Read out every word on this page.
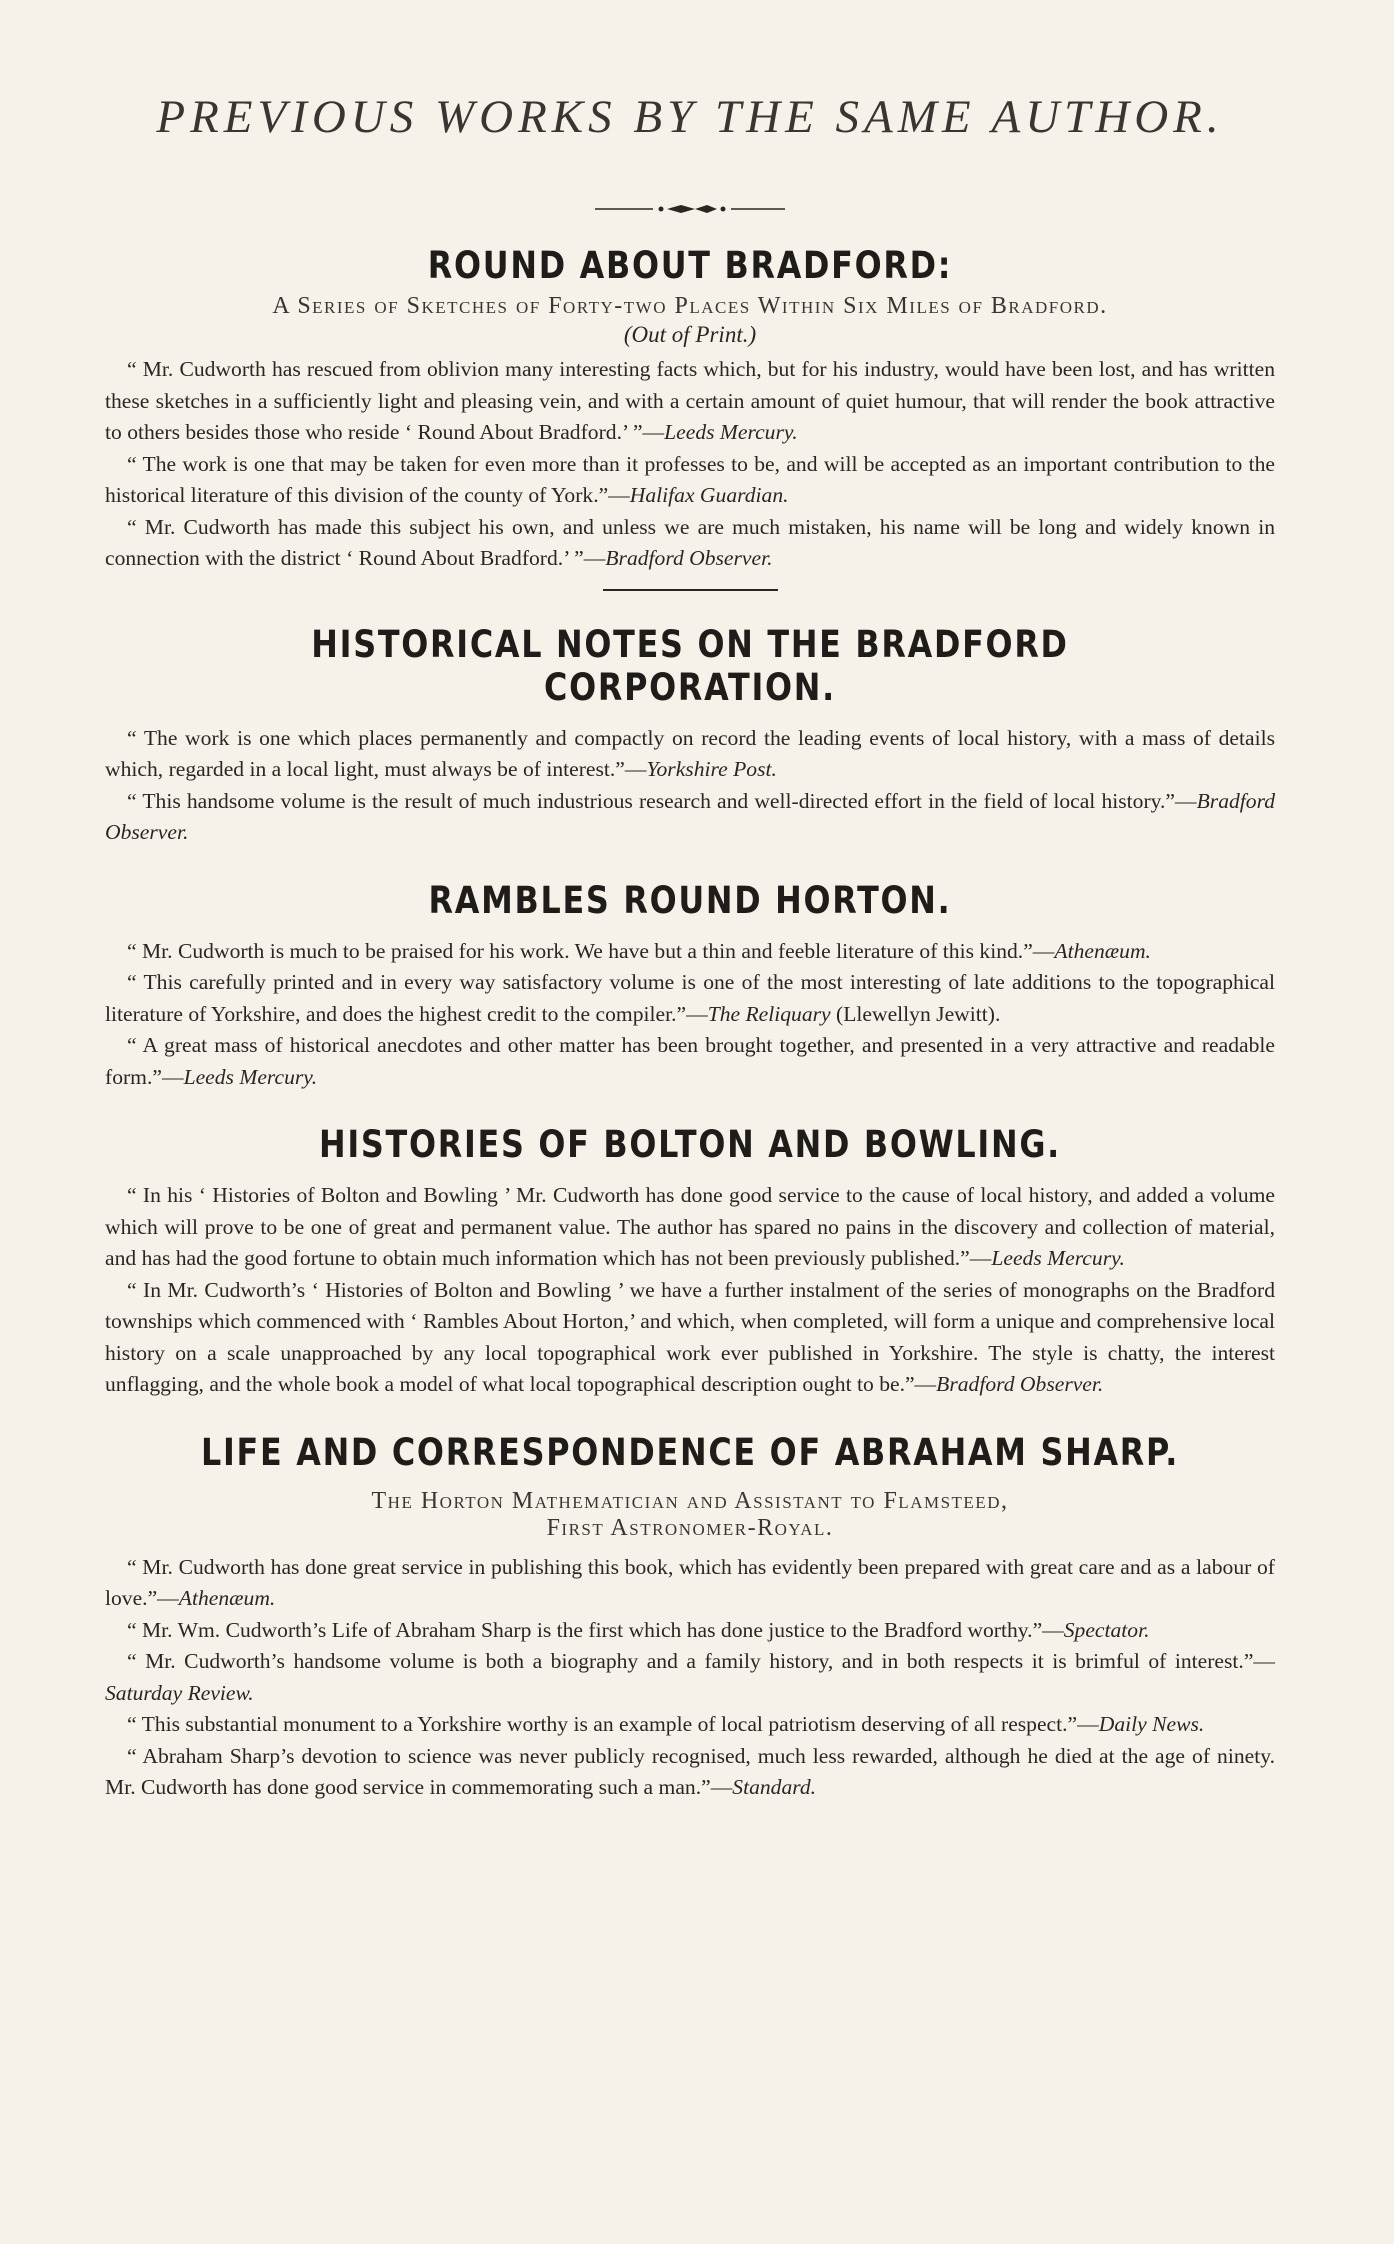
PREVIOUS WORKS BY THE SAME AUTHOR.
ROUND ABOUT BRADFORD:

A Series of Sketches of Forty-two Places Within Six Miles of Bradford.

(Out of Print.)

“ Mr. Cudworth has rescued from oblivion many interesting facts which, but for his industry, would have been lost, and has written these sketches in a sufficiently light and pleasing vein, and with a certain amount of quiet humour, that will render the book attractive to others besides those who reside ‘ Round About Bradford.’ ”—Leeds Mercury.

“ The work is one that may be taken for even more than it professes to be, and will be accepted as an important contribution to the historical literature of this division of the county of York.”—Halifax Guardian.

“ Mr. Cudworth has made this subject his own, and unless we are much mistaken, his name will be long and widely known in connection with the district ‘ Round About Bradford.’ ”—Bradford Observer.

HISTORICAL NOTES ON THE BRADFORD CORPORATION.

“ The work is one which places permanently and compactly on record the leading events of local history, with a mass of details which, regarded in a local light, must always be of interest.”—Yorkshire Post.

“ This handsome volume is the result of much industrious research and well-directed effort in the field of local history.”—Bradford Observer.

RAMBLES ROUND HORTON.

“ Mr. Cudworth is much to be praised for his work. We have but a thin and feeble literature of this kind.”—Athenæum.

“ This carefully printed and in every way satisfactory volume is one of the most interesting of late additions to the topographical literature of Yorkshire, and does the highest credit to the compiler.”—The Reliquary (Llewellyn Jewitt).

“ A great mass of historical anecdotes and other matter has been brought together, and presented in a very attractive and readable form.”—Leeds Mercury.

HISTORIES OF BOLTON AND BOWLING.

“ In his ‘ Histories of Bolton and Bowling ’ Mr. Cudworth has done good service to the cause of local history, and added a volume which will prove to be one of great and permanent value. The author has spared no pains in the discovery and collection of material, and has had the good fortune to obtain much information which has not been previously published.”—Leeds Mercury.

“ In Mr. Cudworth’s ‘ Histories of Bolton and Bowling ’ we have a further instalment of the series of monographs on the Bradford townships which commenced with ‘ Rambles About Horton,’ and which, when completed, will form a unique and comprehensive local history on a scale unapproached by any local topographical work ever published in Yorkshire. The style is chatty, the interest unflagging, and the whole book a model of what local topographical description ought to be.”—Bradford Observer.

LIFE AND CORRESPONDENCE OF ABRAHAM SHARP.

The Horton Mathematician and Assistant to Flamsteed,

First Astronomer-Royal.

“ Mr. Cudworth has done great service in publishing this book, which has evidently been prepared with great care and as a labour of love.”—Athenæum.

“ Mr. Wm. Cudworth’s Life of Abraham Sharp is the first which has done justice to the Bradford worthy.”—Spectator.

“ Mr. Cudworth’s handsome volume is both a biography and a family history, and in both respects it is brimful of interest.”—Saturday Review.

“ This substantial monument to a Yorkshire worthy is an example of local patriotism deserving of all respect.”—Daily News.

“ Abraham Sharp’s devotion to science was never publicly recognised, much less rewarded, although he died at the age of ninety. Mr. Cudworth has done good service in commemorating such a man.”—Standard.
